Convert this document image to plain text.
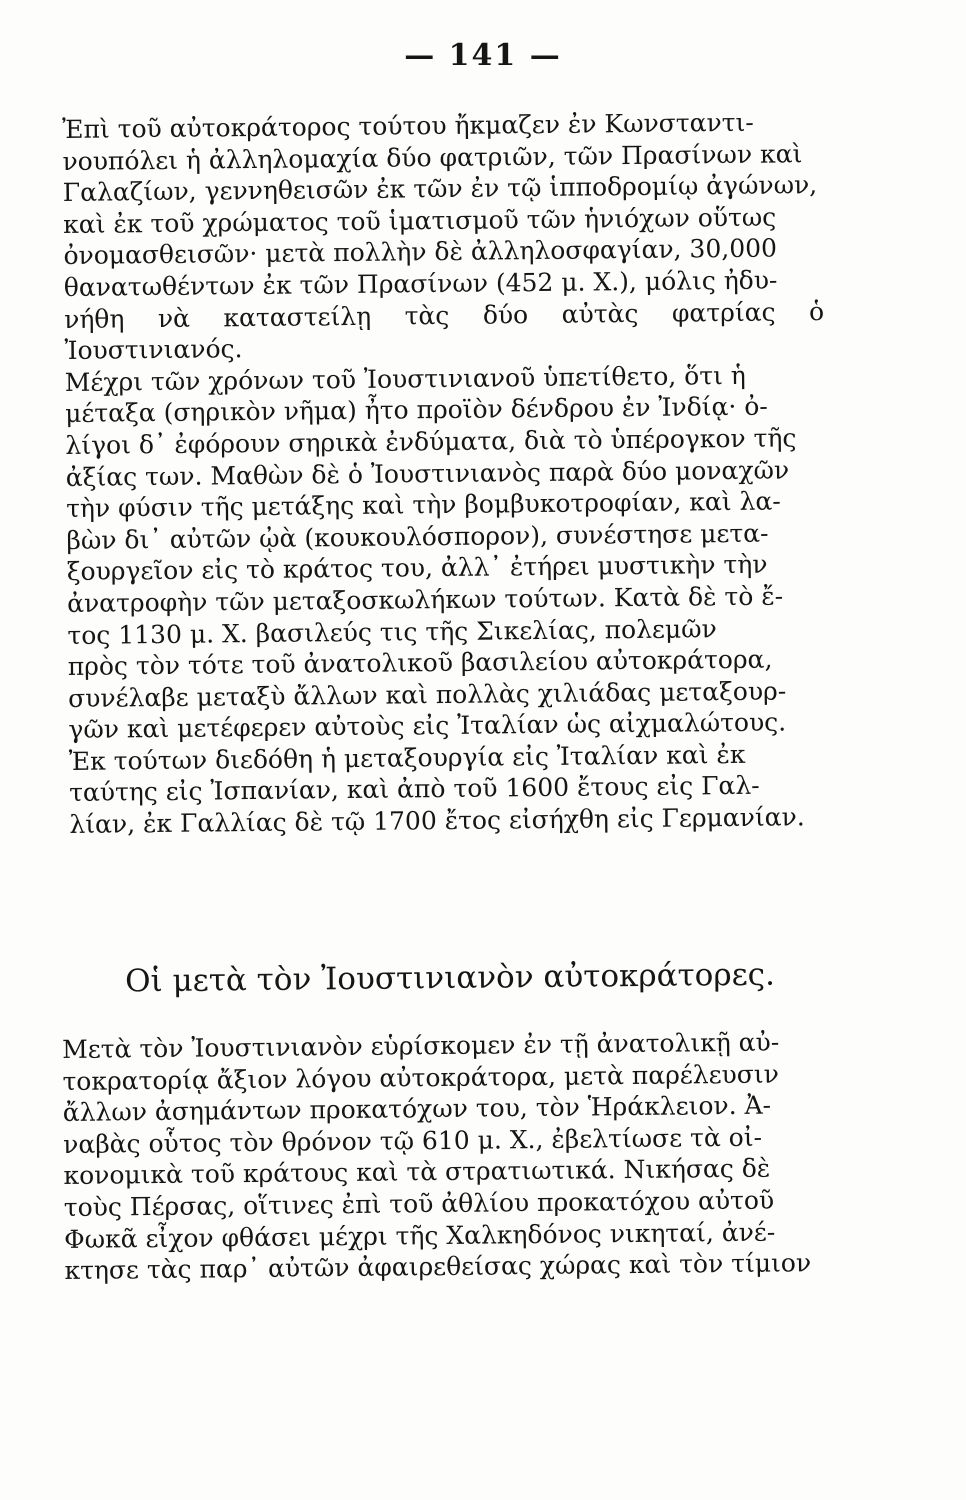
— 141 —
Ἐπὶ τοῦ αὐτοκράτορος τούτου ἤκμαζεν ἐν Κωνσταντι-
νουπόλει ἡ ἀλληλομαχία δύο φατριῶν, τῶν Πρασίνων καὶ
Γαλαζίων, γεννηθεισῶν ἐκ τῶν ἐν τῷ ἱπποδρομίῳ ἀγώνων,
καὶ ἐκ τοῦ χρώματος τοῦ ἱματισμοῦ τῶν ἡνιόχων οὕτως
ὀνομασθεισῶν· μετὰ πολλὴν δὲ ἀλληλοσφαγίαν, 30,000
θανατωθέντων ἐκ τῶν Πρασίνων (452 μ. Χ.), μόλις ἠδυ-
νήθη νὰ καταστείλῃ τὰς δύο αὐτὰς φατρίας ὁ Ἰουστινιανός.
Μέχρι τῶν χρόνων τοῦ Ἰουστινιανοῦ ὑπετίθετο, ὅτι ἡ
μέταξα (σηρικὸν νῆμα) ἦτο προϊὸν δένδρου ἐν Ἰνδίᾳ· ὀ-
λίγοι δ᾽ ἐφόρουν σηρικὰ ἐνδύματα, διὰ τὸ ὑπέρογκον τῆς
ἀξίας των. Μαθὼν δὲ ὁ Ἰουστινιανὸς παρὰ δύο μοναχῶν
τὴν φύσιν τῆς μετάξης καὶ τὴν βομβυκοτροφίαν, καὶ λα-
βὼν δι᾽ αὐτῶν ᾠὰ (κουκουλόσπορον), συνέστησε μετα-
ξουργεῖον εἰς τὸ κράτος του, ἀλλ᾽ ἐτήρει μυστικὴν τὴν
ἀνατροφὴν τῶν μεταξοσκωλήκων τούτων. Κατὰ δὲ τὸ ἔ-
τος 1130 μ. Χ. βασιλεύς τις τῆς Σικελίας, πολεμῶν
πρὸς τὸν τότε τοῦ ἀνατολικοῦ βασιλείου αὐτοκράτορα,
συνέλαβε μεταξὺ ἄλλων καὶ πολλὰς χιλιάδας μεταξουρ-
γῶν καὶ μετέφερεν αὐτοὺς εἰς Ἰταλίαν ὡς αἰχμαλώτους.
Ἐκ τούτων διεδόθη ἡ μεταξουργία εἰς Ἰταλίαν καὶ ἐκ
ταύτης εἰς Ἰσπανίαν, καὶ ἀπὸ τοῦ 1600 ἔτους εἰς Γαλ-
λίαν, ἐκ Γαλλίας δὲ τῷ 1700 ἔτος εἰσήχθη εἰς Γερμανίαν.
Οἱ μετὰ τὸν Ἰουστινιανὸν αὐτοκράτορες.
Μετὰ τὸν Ἰουστινιανὸν εὑρίσκομεν ἐν τῇ ἀνατολικῇ αὐ-
τοκρατορίᾳ ἄξιον λόγου αὐτοκράτορα, μετὰ παρέλευσιν
ἄλλων ἀσημάντων προκατόχων του, τὸν Ἡράκλειον. Ἀ-
ναβὰς οὗτος τὸν θρόνον τῷ 610 μ. Χ., ἐβελτίωσε τὰ οἰ-
κονομικὰ τοῦ κράτους καὶ τὰ στρατιωτικά. Νικήσας δὲ
τοὺς Πέρσας, οἵτινες ἐπὶ τοῦ ἀθλίου προκατόχου αὐτοῦ
Φωκᾶ εἶχον φθάσει μέχρι τῆς Χαλκηδόνος νικηταί, ἀνέ-
κτησε τὰς παρ᾽ αὐτῶν ἀφαιρεθείσας χώρας καὶ τὸν τίμιον
